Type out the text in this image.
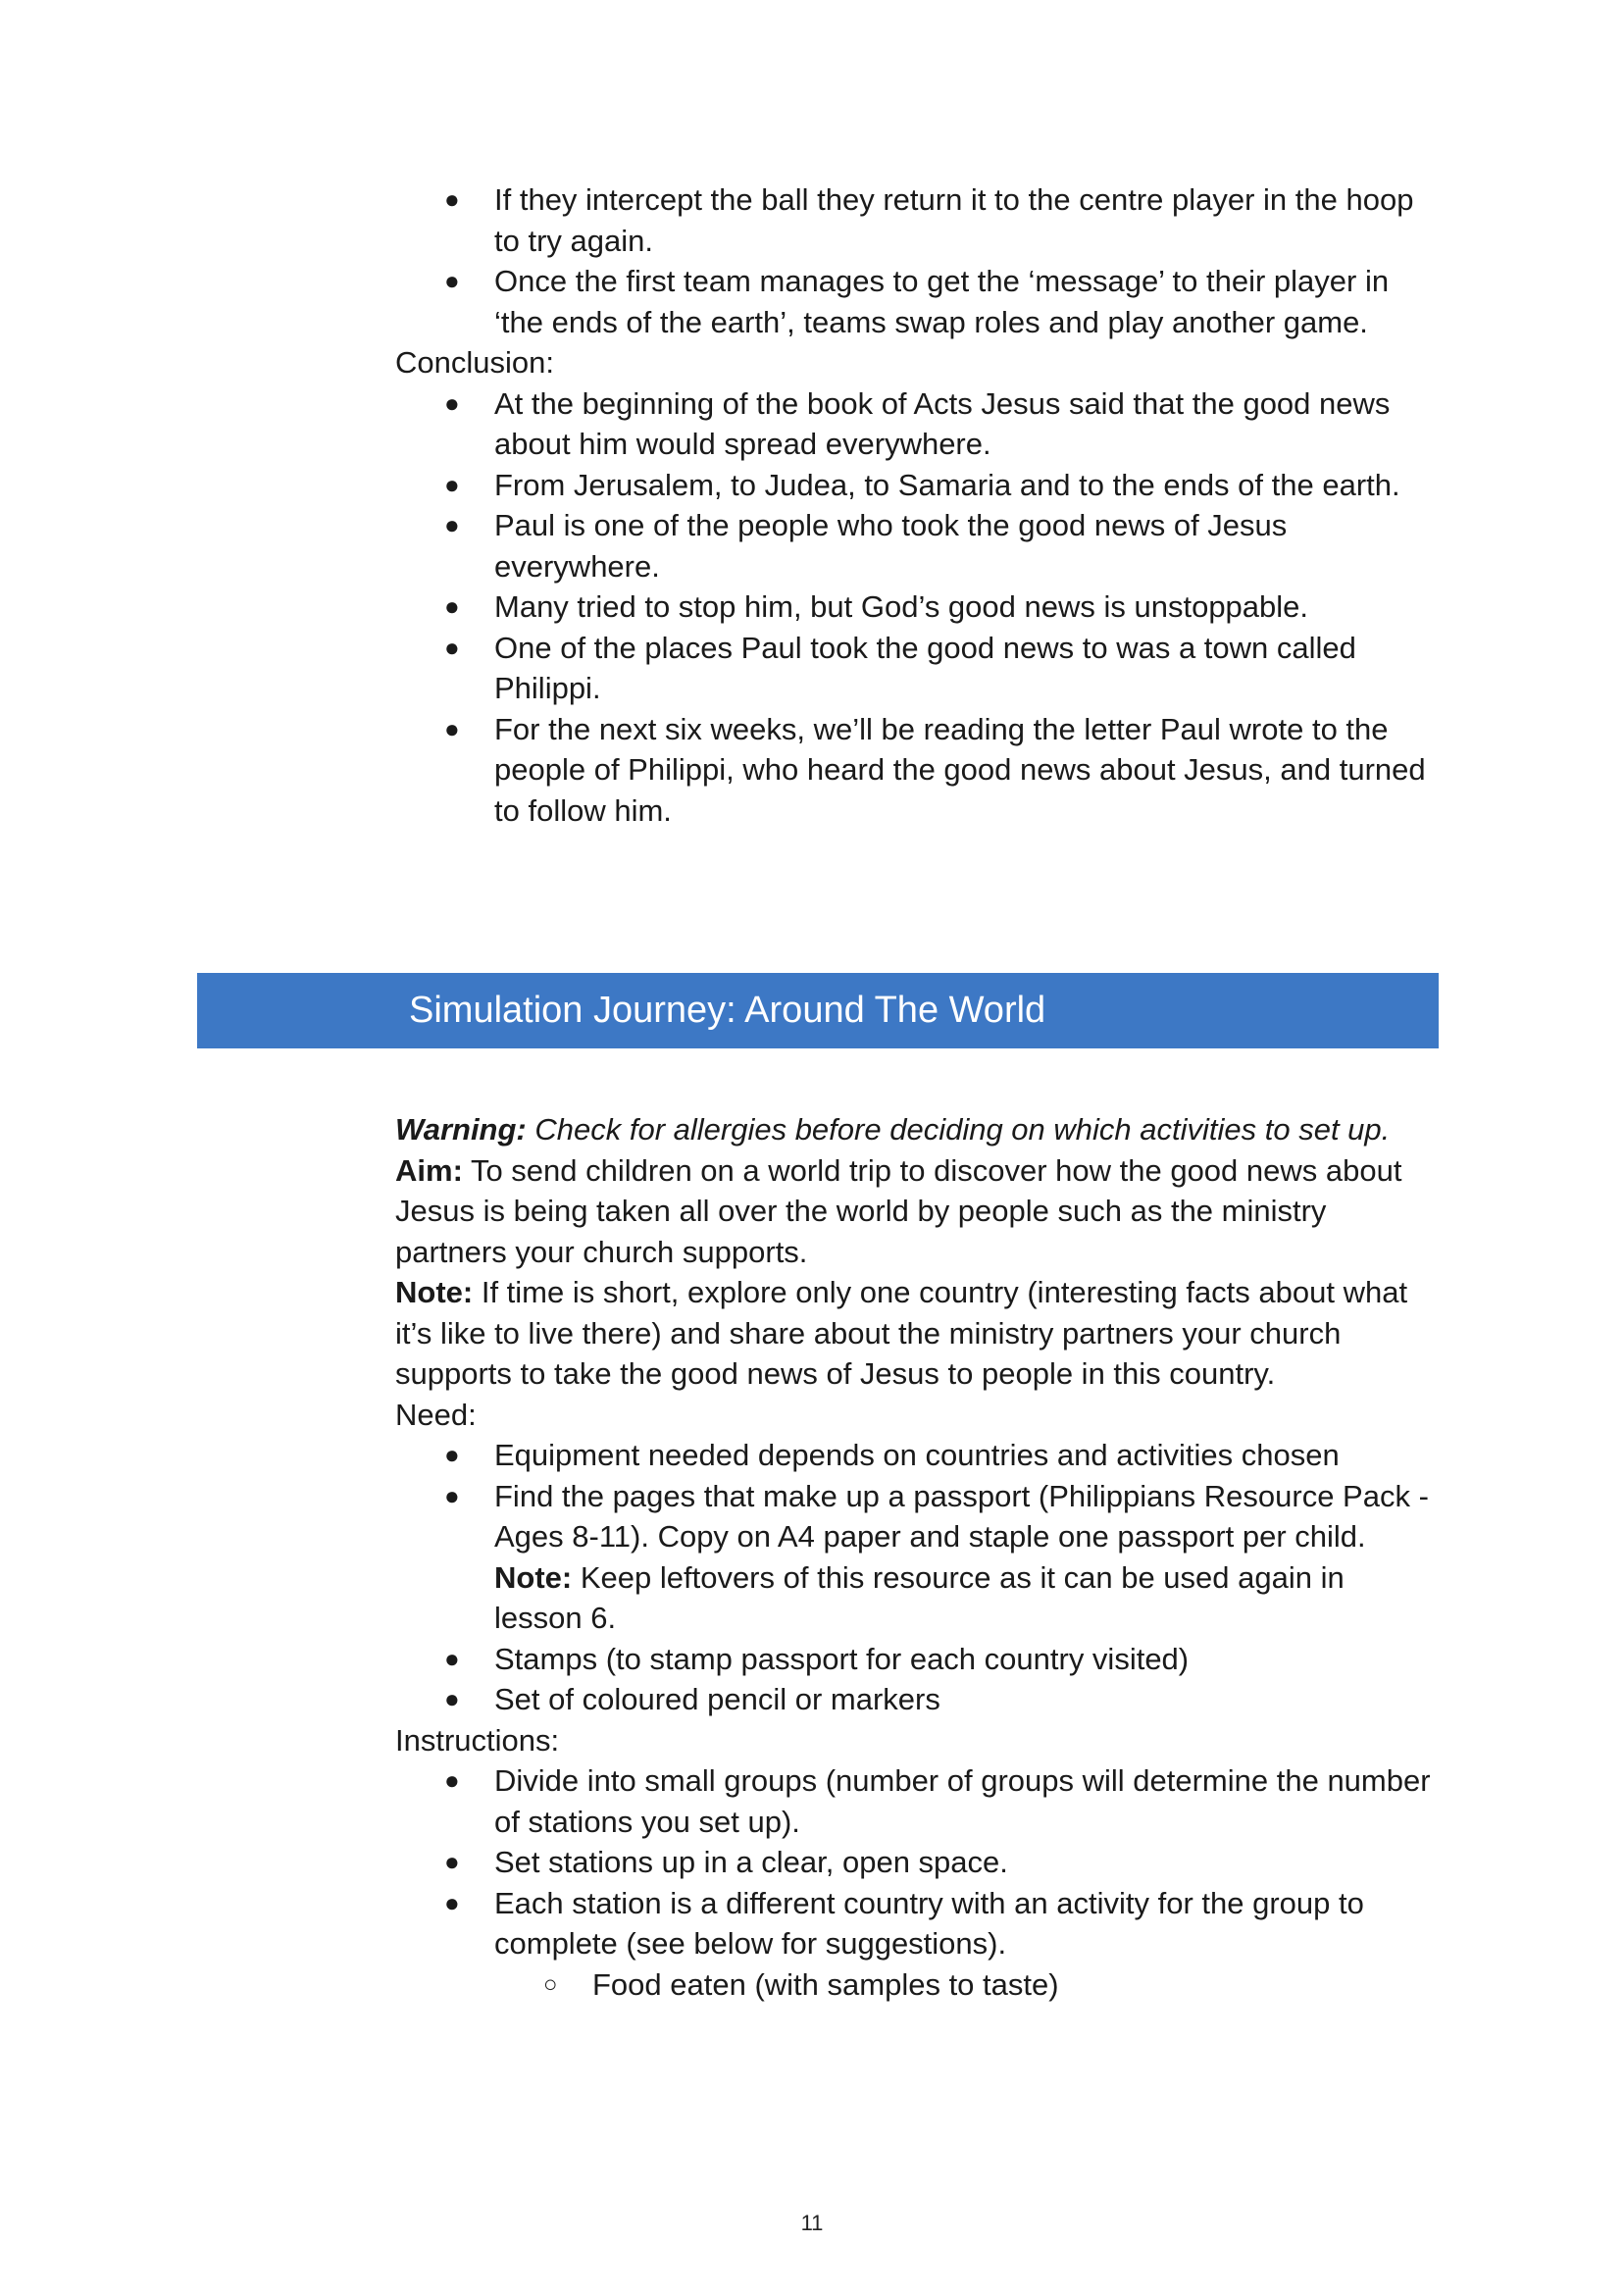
●	If they intercept the ball they return it to the centre player in the hoop to try again.
●	Once the first team manages to get the ‘message’ to their player in ‘the ends of the earth’, teams swap roles and play another game.

Conclusion:

●	At the beginning of the book of Acts Jesus said that the good news about him would spread everywhere.
●	From Jerusalem, to Judea, to Samaria and to the ends of the earth.
●	Paul is one of the people who took the good news of Jesus everywhere.
●	Many tried to stop him, but God’s good news is unstoppable.
●	One of the places Paul took the good news to was a town called Philippi.
●	For the next six weeks, we’ll be reading the letter Paul wrote to the people of Philippi, who heard the good news about Jesus, and turned to follow him.
Simulation Journey: Around The World

Warning: Check for allergies before deciding on which activities to set up.

Aim: To send children on a world trip to discover how the good news about Jesus is being taken all over the world by people such as the ministry partners your church supports.

Note: If time is short, explore only one country (interesting facts about what it’s like to live there) and share about the ministry partners your church supports to take the good news of Jesus to people in this country.

Need:

●	Equipment needed depends on countries and activities chosen
●	Find the pages that make up a passport (Philippians Resource Pack - Ages 8-11). Copy on A4 paper and staple one passport per child. Note: Keep leftovers of this resource as it can be used again in lesson 6.
●	Stamps (to stamp passport for each country visited)
●	Set of coloured pencil or markers

Instructions:

●	Divide into small groups (number of groups will determine the number of stations you set up).
●	Set stations up in a clear, open space.
●	Each station is a different country with an activity for the group to complete (see below for suggestions).
○ Food eaten (with samples to taste)
11
